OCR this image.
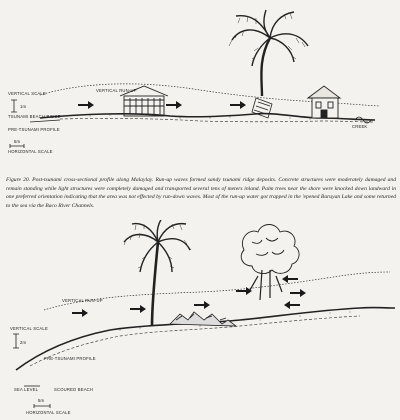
VERTICAL SCALE
VERTICAL RUN-UP
1m
TSUNAMI BEACH RIDGE
PRE-TSUNAMI PROFILE
5m
HORIZONTAL SCALE
CREEK
Figure 20. Post-tsunami cross-sectional profile along Malaylay. Run-up waves formed sandy tsunami ridge deposits. Concrete structures were moderately damaged and remain standing while light structures were completely damaged and transported several tens of meters inland. Palm trees near the shore were knocked down landward in one preferred orientation indicating that the area was not effected by run-down waves. Most of the run-up water got trapped in the 'epened Baruyan Lake and some returned to the sea via the Baco River Channels.
VERTICAL RUN-UP
VERTICAL SCALE
2m
PRE-TSUNAMI PROFILE
SEA LEVEL	SCOURED BEACH
5m
HORIZONTAL SCALE
